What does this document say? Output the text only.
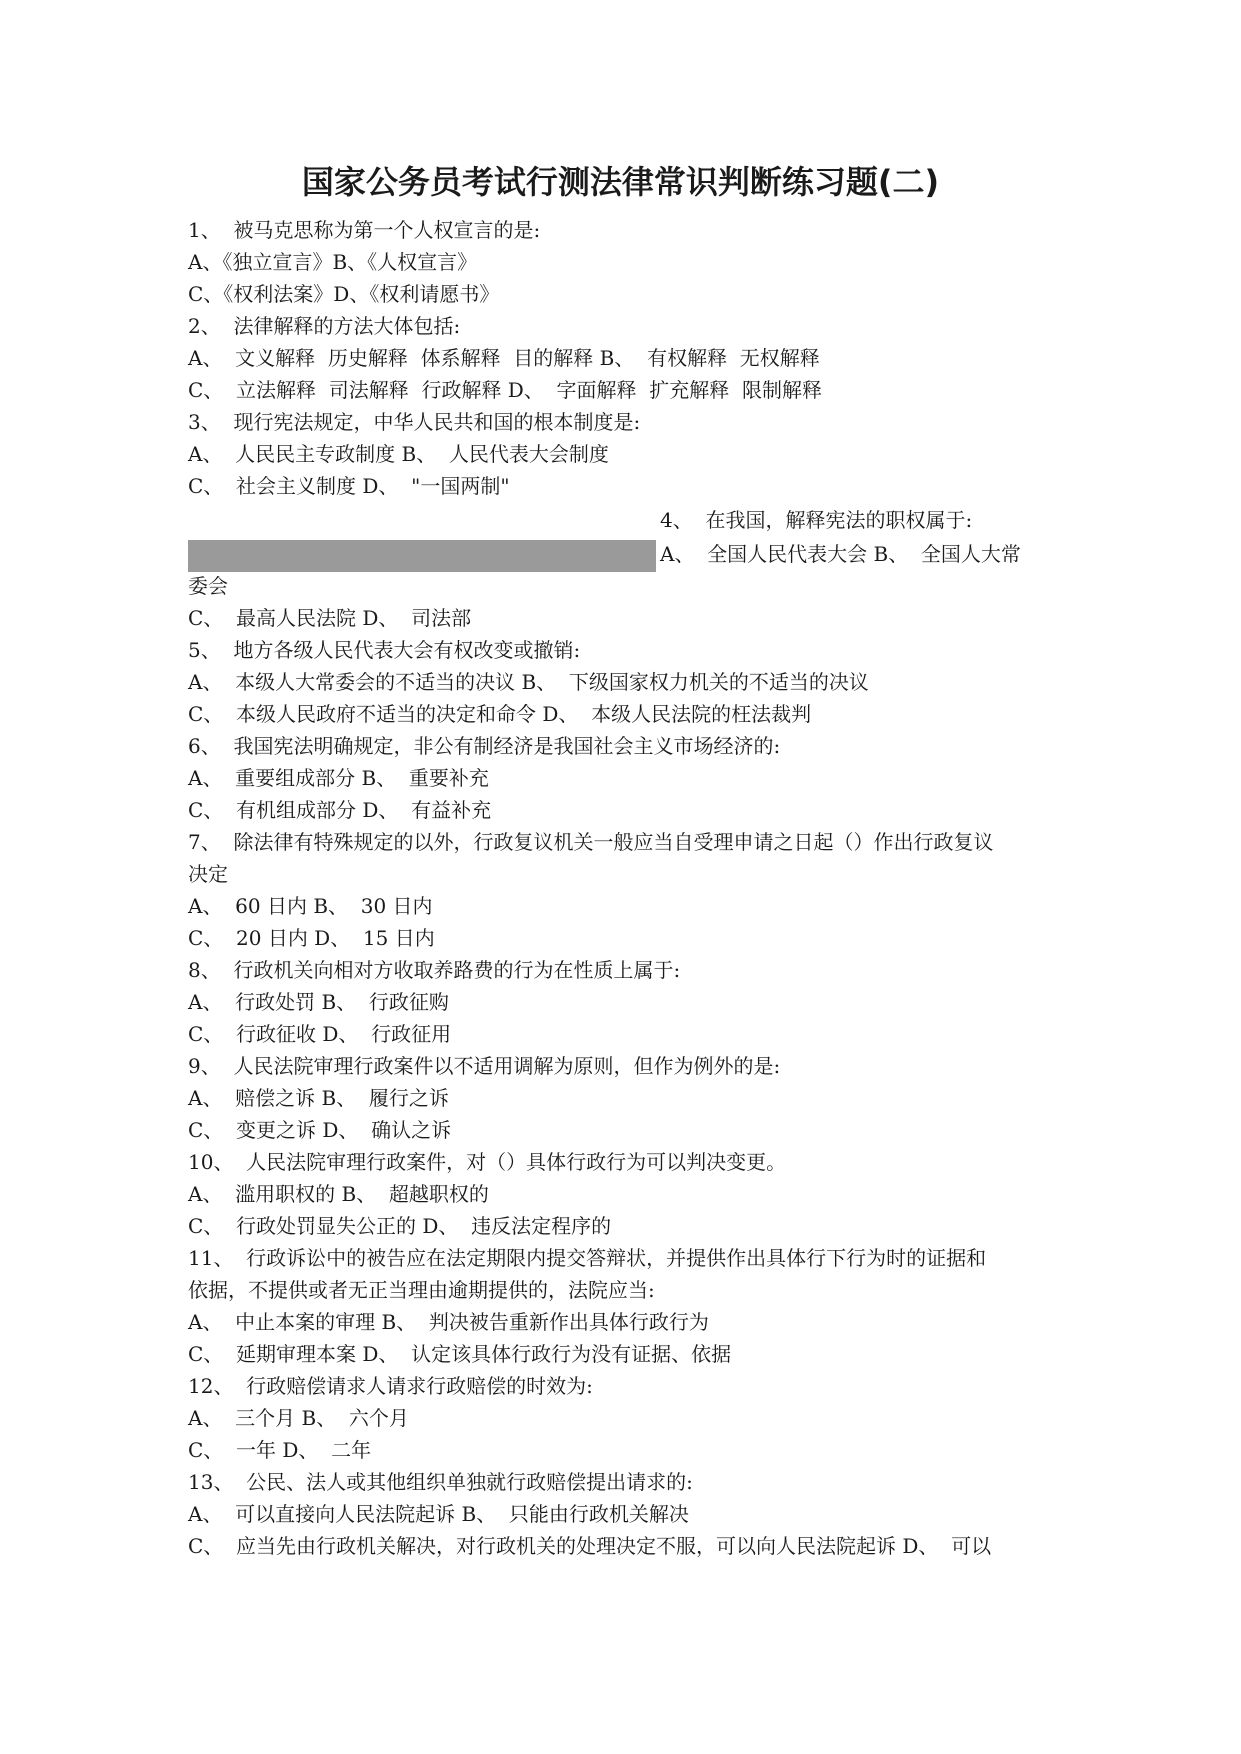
国家公务员考试行测法律常识判断练习题(二)
1、  被马克思称为第一个人权宣言的是:
A、《独立宣言》B、《人权宣言》
C、《权利法案》D、《权利请愿书》
2、  法律解释的方法大体包括:
A、  文义解释  历史解释  体系解释  目的解释 B、  有权解释  无权解释
C、  立法解释  司法解释  行政解释 D、  字面解释  扩充解释  限制解释
3、  现行宪法规定，中华人民共和国的根本制度是:
A、  人民民主专政制度 B、  人民代表大会制度
C、  社会主义制度 D、  "一国两制"
4、  在我国，解释宪法的职权属于:
A、  全国人民代表大会 B、  全国人大常
委会
C、  最高人民法院 D、  司法部
5、  地方各级人民代表大会有权改变或撤销:
A、  本级人大常委会的不适当的决议 B、  下级国家权力机关的不适当的决议
C、  本级人民政府不适当的决定和命令 D、  本级人民法院的枉法裁判
6、  我国宪法明确规定，非公有制经济是我国社会主义市场经济的:
A、  重要组成部分 B、  重要补充
C、  有机组成部分 D、  有益补充
7、  除法律有特殊规定的以外，行政复议机关一般应当自受理申请之日起（）作出行政复议
决定
A、  60 日内 B、  30 日内
C、  20 日内 D、  15 日内
8、  行政机关向相对方收取养路费的行为在性质上属于:
A、  行政处罚 B、  行政征购
C、  行政征收 D、  行政征用
9、  人民法院审理行政案件以不适用调解为原则，但作为例外的是:
A、  赔偿之诉 B、  履行之诉
C、  变更之诉 D、  确认之诉
10、  人民法院审理行政案件，对（）具体行政行为可以判决变更。
A、  滥用职权的 B、  超越职权的
C、  行政处罚显失公正的 D、  违反法定程序的
11、  行政诉讼中的被告应在法定期限内提交答辩状，并提供作出具体行下行为时的证据和
依据，不提供或者无正当理由逾期提供的，法院应当:
A、  中止本案的审理 B、  判决被告重新作出具体行政行为
C、  延期审理本案 D、  认定该具体行政行为没有证据、依据
12、  行政赔偿请求人请求行政赔偿的时效为:
A、  三个月 B、  六个月
C、  一年 D、  二年
13、  公民、法人或其他组织单独就行政赔偿提出请求的:
A、  可以直接向人民法院起诉 B、  只能由行政机关解决
C、  应当先由行政机关解决，对行政机关的处理决定不服，可以向人民法院起诉 D、  可以
